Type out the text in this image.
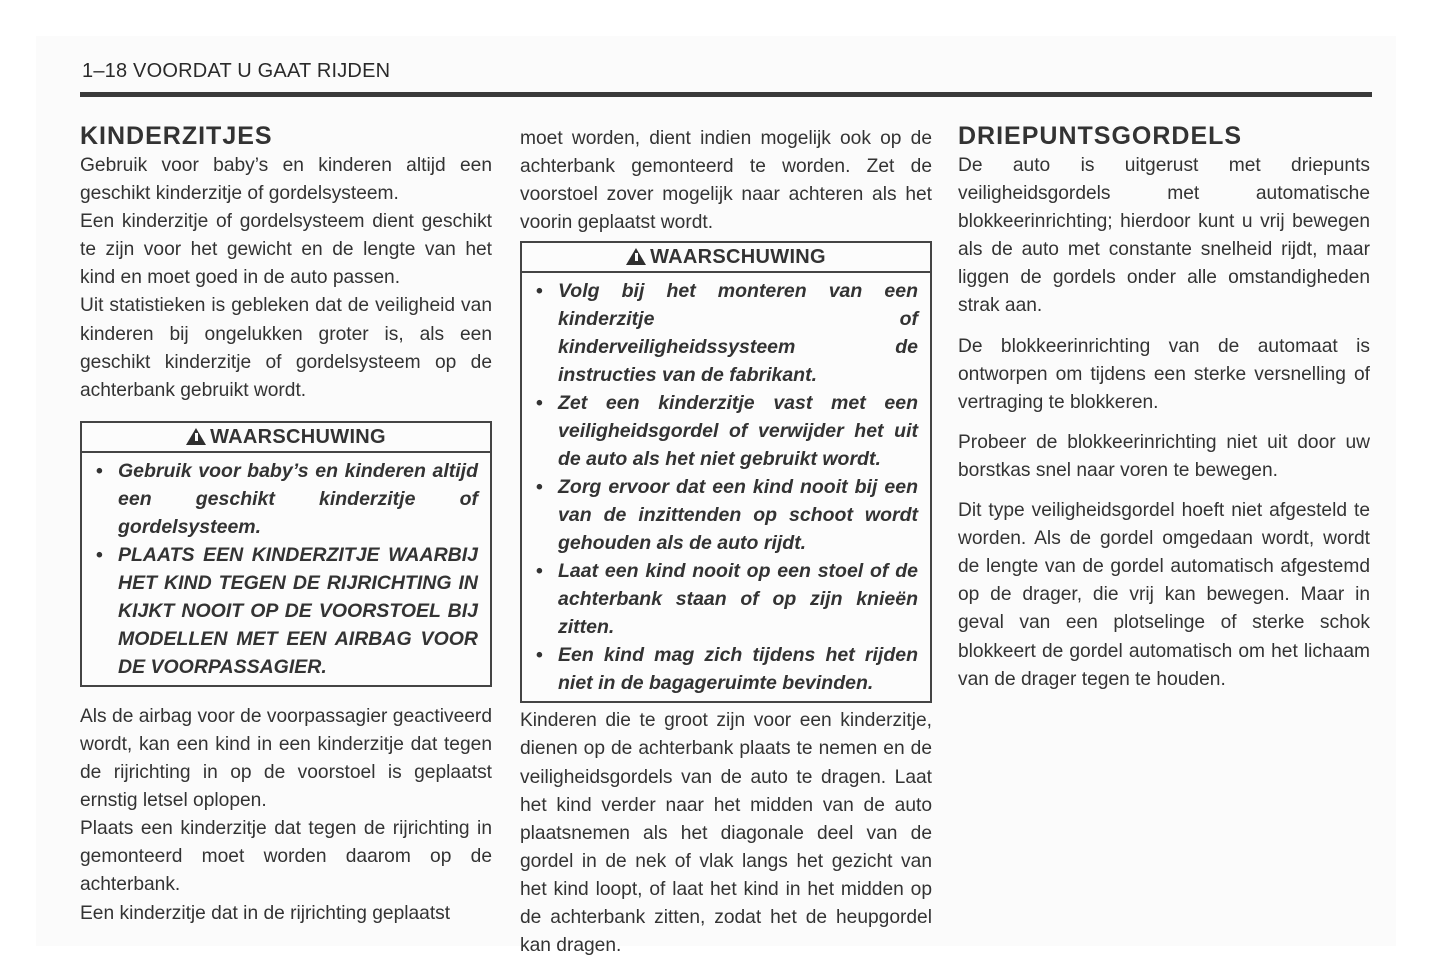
1–18 VOORDAT U GAAT RIJDEN
KINDERZITJES

Gebruik voor baby’s en kinderen altijd een geschikt kinderzitje of gordelsysteem.

Een kinderzitje of gordelsysteem dient geschikt te zijn voor het gewicht en de lengte van het kind en moet goed in de auto passen.

Uit statistieken is gebleken dat de veiligheid van kinderen bij ongelukken groter is, als een geschikt kinderzitje of gordelsysteem op de achterbank gebruikt wordt.

WAARSCHUWING
• Gebruik voor baby’s en kinderen altijd een geschikt kinderzitje of gordelsysteem.
• PLAATS EEN KINDERZITJE WAARBIJ HET KIND TEGEN DE RIJRICHTING IN KIJKT NOOIT OP DE VOORSTOEL BIJ MODELLEN MET EEN AIRBAG VOOR DE VOORPASSAGIER.

Als de airbag voor de voorpassagier geactiveerd wordt, kan een kind in een kinderzitje dat tegen de rijrichting in op de voorstoel is geplaatst ernstig letsel oplopen.

Plaats een kinderzitje dat tegen de rijrichting in gemonteerd moet worden daarom op de achterbank.

Een kinderzitje dat in de rijrichting geplaatst

moet worden, dient indien mogelijk ook op de achterbank gemonteerd te worden. Zet de voorstoel zover mogelijk naar achteren als het voorin geplaatst wordt.

WAARSCHUWING
• Volg bij het monteren van een kinderzitje of kinderveiligheidssysteem de instructies van de fabrikant.
• Zet een kinderzitje vast met een veiligheidsgordel of verwijder het uit de auto als het niet gebruikt wordt.
• Zorg ervoor dat een kind nooit bij een van de inzittenden op schoot wordt gehouden als de auto rijdt.
• Laat een kind nooit op een stoel of de achterbank staan of op zijn knieën zitten.
• Een kind mag zich tijdens het rijden niet in de bagageruimte bevinden.

Kinderen die te groot zijn voor een kinderzitje, dienen op de achterbank plaats te nemen en de veiligheidsgordels van de auto te dragen. Laat het kind verder naar het midden van de auto plaatsnemen als het diagonale deel van de gordel in de nek of vlak langs het gezicht van het kind loopt, of laat het kind in het midden op de achterbank zitten, zodat het de heupgordel kan dragen.

DRIEPUNTSGORDELS

De auto is uitgerust met driepunts veiligheidsgordels met automatische blokkeerinrichting; hierdoor kunt u vrij bewegen als de auto met constante snelheid rijdt, maar liggen de gordels onder alle omstandigheden strak aan.

De blokkeerinrichting van de automaat is ontworpen om tijdens een sterke versnelling of vertraging te blokkeren.

Probeer de blokkeerinrichting niet uit door uw borstkas snel naar voren te bewegen.

Dit type veiligheidsgordel hoeft niet afgesteld te worden. Als de gordel omgedaan wordt, wordt de lengte van de gordel automatisch afgestemd op de drager, die vrij kan bewegen. Maar in geval van een plotselinge of sterke schok blokkeert de gordel automatisch om het lichaam van de drager tegen te houden.
